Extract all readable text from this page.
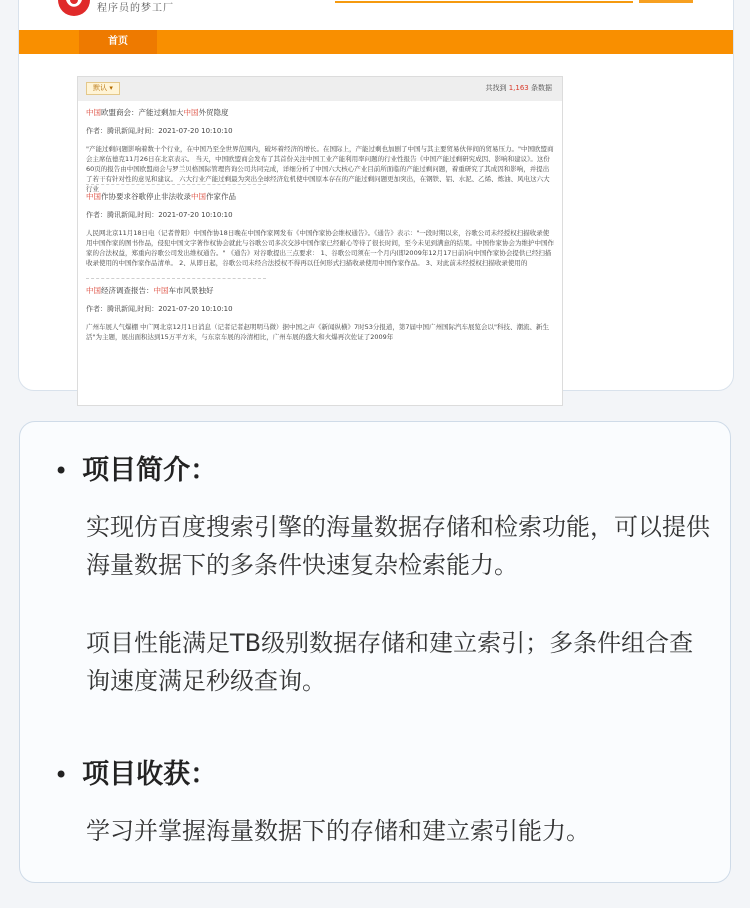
程序员的梦工厂
首页
默认 ▾	共找到 1,163 条数据
中国欧盟商会：产能过剩加大中国外贸隐度
作者：腾讯新闻,时间：2021-07-20 10:10:10
"产能过剩问题影响着数十个行业，在中国乃至全世界范围内，破坏着经济的增长。在国际上，产能过剩也加剧了中国与其主要贸易伙伴间的贸易压力。"中国欧盟商会主席伍德克11月26日在北京表示。 当天，中国欧盟商会发布了其首份关注中国工业产能利用率问题的行业性报告《中国产能过剩研究成因、影响和建议》。这份60页的报告由中国欧盟商会与罗兰贝格国际管理咨询公司共同完成，详细分析了中国六大核心产业目前所面临的产能过剩问题，着重研究了其成因和影响，并提出了若干有针对性的意见和建议。 六大行业产能过剩最为突出全球经济危机使中国原本存在的产能过剩问题更加突出，在钢铁、铝、水泥、乙烯、炼油、风电这六大行业
中国作协要求谷歌停止非法收录中国作家作品
作者：腾讯新闻,时间：2021-07-20 10:10:10
人民网北京11月18日电（记者曾阳）中国作协18日晚在中国作家网发布《中国作家协会维权通告》。《通告》表示："一段时期以来，谷歌公司未经授权扫描收录使用中国作家的图书作品，侵犯中国文字著作权协会就此与谷歌公司多次交涉中国作家已经耐心等待了很长时间，至今未见到满意的结果。中国作家协会为维护中国作家的合法权益，郑重向谷歌公司发出维权通告。" 《通告》对谷歌提出三点要求： 1、谷歌公司须在一个月内(即2009年12月17日前)向中国作家协会提供已经扫描收录使用的中国作家作品清单。 2、从即日起，谷歌公司未经合法授权不得再以任何形式扫描收录使用中国作家作品。 3、对此前未经授权扫描收录使用的
中国经济调查报告：中国车市风景独好
作者：腾讯新闻,时间：2021-07-20 10:10:10
广州车展人气爆棚 中广网北京12月1日消息（记者记者赵明明马微）据中国之声《新闻纵横》7时53分报道，第7届中国广州国际汽车展览会以"科技、潮流、新生活"为主题，展出面积达到15万平方米，与东京车展的冷清相比，广州车展的盛大和火爆再次佐证了2009年
• 项目简介：
实现仿百度搜索引擎的海量数据存储和检索功能，可以提供海量数据下的多条件快速复杂检索能力。
项目性能满足TB级别数据存储和建立索引；多条件组合查询速度满足秒级查询。
• 项目收获：
学习并掌握海量数据下的存储和建立索引能力。
